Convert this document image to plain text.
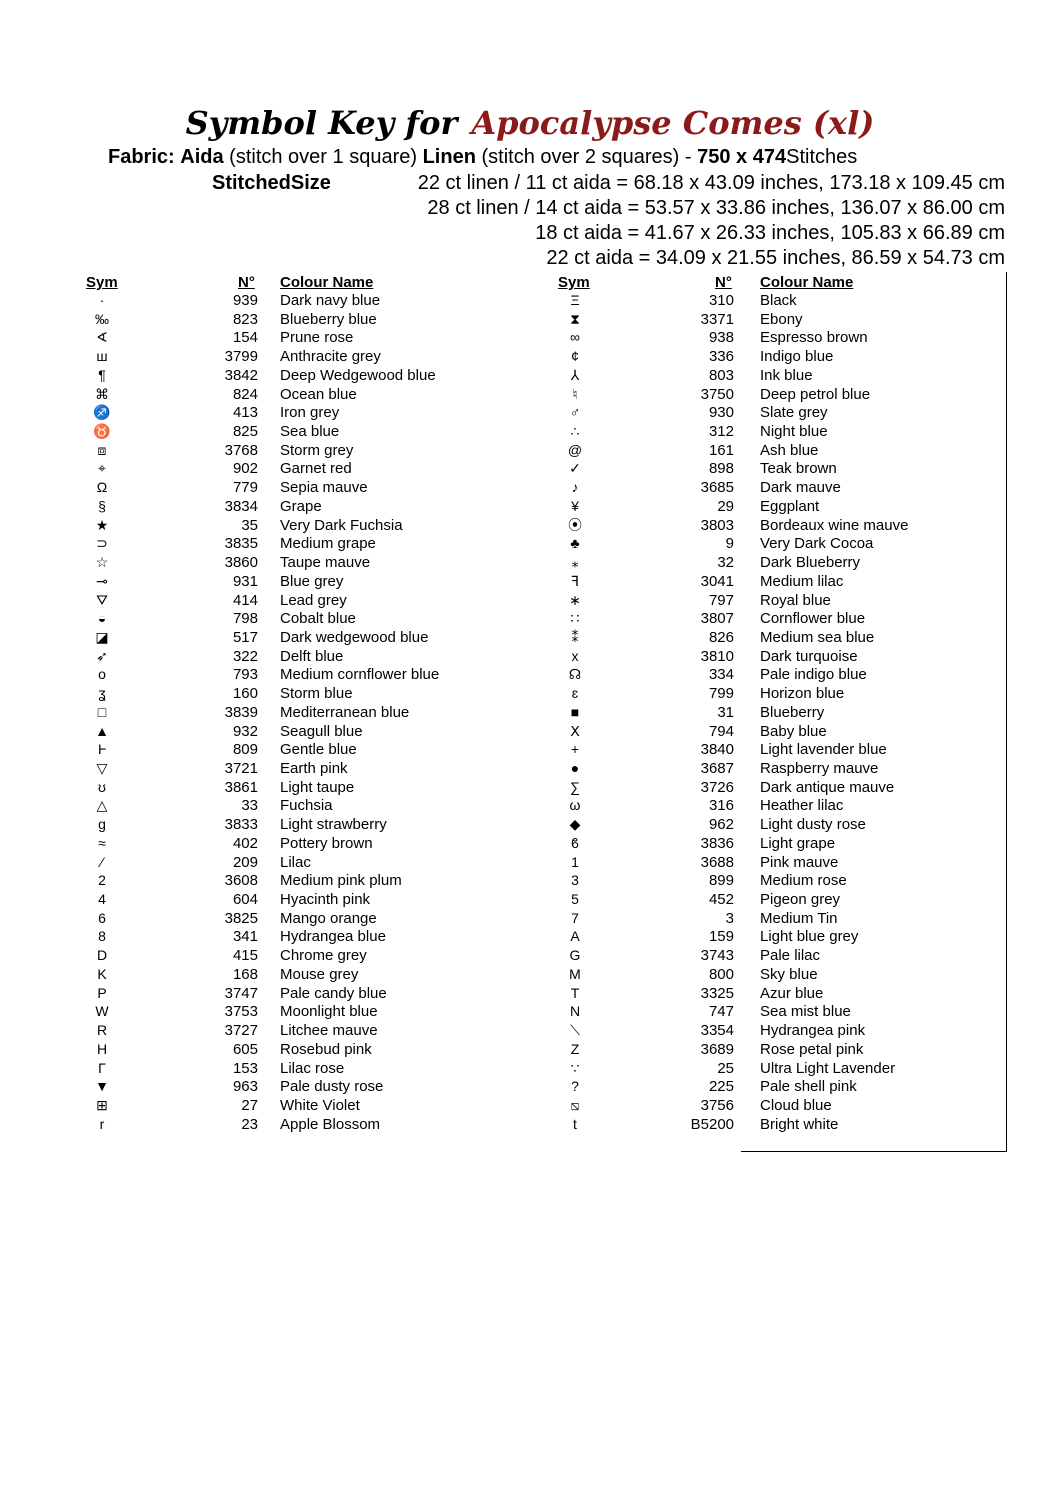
Symbol Key for Apocalypse Comes (xl)
Fabric: Aida (stitch over 1 square) Linen (stitch over 2 squares) - 750 x 474Stitches
StitchedSize	22 ct linen / 11 ct aida = 68.18 x 43.09 inches, 173.18 x 109.45 cm
28 ct linen / 14 ct aida = 53.57 x 33.86 inches, 136.07 x 86.00 cm
18 ct aida = 41.67 x 26.33 inches, 105.83 x 66.89 cm
22 ct aida = 34.09 x 21.55 inches, 86.59 x 54.73 cm
Sym	N° Colour Name	Sym	N° Colour Name
·	939 Dark navy blue
‰	823 Blueberry blue
∢	154 Prune rose
ш	3799 Anthracite grey
¶	3842 Deep Wedgewood blue
⌘	824 Ocean blue
♐	413 Iron grey
♉	825 Sea blue
⧈	3768 Storm grey
⌖	902 Garnet red
Ω	779 Sepia mauve
§	3834 Grape
★	35 Very Dark Fuchsia
⊃	3835 Medium grape
☆	3860 Taupe mauve
⊸	931 Blue grey
⛛	414 Lead grey
◒	798 Cobalt blue
◪	517 Dark wedgewood blue
➶	322 Delft blue
o	793 Medium cornflower blue
ʓ	160 Storm blue
□	3839 Mediterranean blue
▲	932 Seagull blue
Ⱶ	809 Gentle blue
▽	3721 Earth pink
ʊ	3861 Light taupe
△	33 Fuchsia
g	3833 Light strawberry
≈	402 Pottery brown
⁄	209 Lilac
2	3608 Medium pink plum
4	604 Hyacinth pink
6	3825 Mango orange
8	341 Hydrangea blue
D	415 Chrome grey
K	168 Mouse grey
P	3747 Pale candy blue
W	3753 Moonlight blue
R	3727 Litchee mauve
H	605 Rosebud pink
Γ	153 Lilac rose
▼	963 Pale dusty rose
⊞	27 White Violet
r	23 Apple Blossom
Ξ	310 Black
⧗	3371 Ebony
∞	938 Espresso brown
¢	336 Indigo blue
⅄	803 Ink blue
♮	3750 Deep petrol blue
♂	930 Slate grey
∴	312 Night blue
@	161 Ash blue
✓	898 Teak brown
♪	3685 Dark mauve
¥	29 Eggplant
⦿	3803 Bordeaux wine mauve
♣	9 Very Dark Cocoa
⁎	32 Dark Blueberry
ꟻ	3041 Medium lilac
∗	797 Royal blue
∷	3807 Cornflower blue
⁑	826 Medium sea blue
x	3810 Dark turquoise
☊	334 Pale indigo blue
ɛ	799 Horizon blue
■	31 Blueberry
Ⅹ	794 Baby blue
+	3840 Light lavender blue
●	3687 Raspberry mauve
∑	3726 Dark antique mauve
ω	316 Heather lilac
◆	962 Light dusty rose
ϐ	3836 Light grape
1	3688 Pink mauve
3	899 Medium rose
5	452 Pigeon grey
7	3 Medium Tin
A	159 Light blue grey
G	3743 Pale lilac
M	800 Sky blue
T	3325 Azur blue
N	747 Sea mist blue
⟍	3354 Hydrangea pink
Z	3689 Rose petal pink
∵	25 Ultra Light Lavender
?	225 Pale shell pink
⧅	3756 Cloud blue
t	B5200 Bright white
